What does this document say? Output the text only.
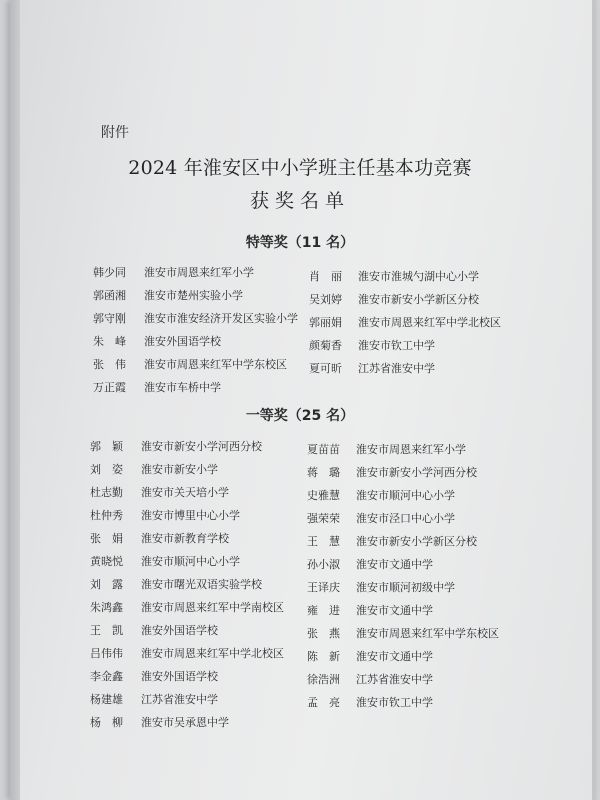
附件
2024 年淮安区中小学班主任基本功竞赛
获奖名单
特等奖（11 名）
一等奖（25 名）
韩少同 淮安市周恩来红军小学
郭函湘 淮安市楚州实验小学
郭守刚 淮安市淮安经济开发区实验小学
朱　峰 淮安外国语学校
张　伟 淮安市周恩来红军中学东校区
万正霞 淮安市车桥中学
肖　丽 淮安市淮城勺湖中心小学
吴刘婷 淮安市新安小学新区分校
郭丽娟 淮安市周恩来红军中学北校区
颜菊香 淮安市钦工中学
夏可昕 江苏省淮安中学
郭　颖 淮安市新安小学河西分校
刘　姿 淮安市新安小学
杜志勤 淮安市关天培小学
杜仲秀 淮安市博里中心小学
张　娟 淮安市新教育学校
黄晓悦 淮安市顺河中心小学
刘　露 淮安市曙光双语实验学校
朱鸿鑫 淮安市周恩来红军中学南校区
王　凯 淮安外国语学校
吕伟伟 淮安市周恩来红军中学北校区
李金鑫 淮安外国语学校
杨建雄 江苏省淮安中学
杨　柳 淮安市吴承恩中学
夏苗苗 淮安市周恩来红军小学
蒋　璐 淮安市新安小学河西分校
史雅慧 淮安市顺河中心小学
强荣荣 淮安市泾口中心小学
王　慧 淮安市新安小学新区分校
孙小淑 淮安市文通中学
王译庆 淮安市顺河初级中学
雍　进 淮安市文通中学
张　燕 淮安市周恩来红军中学东校区
陈　新 淮安市文通中学
徐浩洲 江苏省淮安中学
孟　亮 淮安市钦工中学
